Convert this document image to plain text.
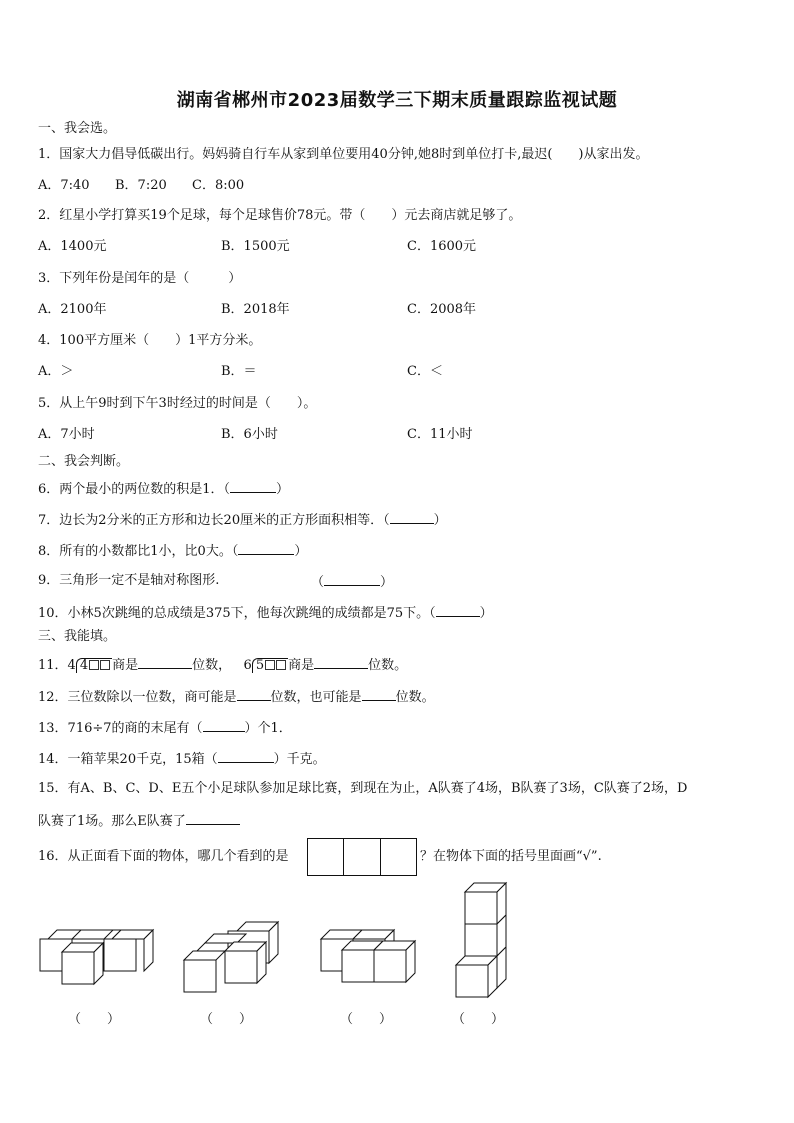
湖南省郴州市2023届数学三下期末质量跟踪监视试题
一、我会选。
1．国家大力倡导低碳出行。妈妈骑自行车从家到单位要用40分钟,她8时到单位打卡,最迟(　　)从家出发。
A．7:40 B．7:20 C．8:00
2．红星小学打算买19个足球，每个足球售价78元。带（　　）元去商店就足够了。
A．1400元	B．1500元	C．1600元
3．下列年份是闰年的是（　　　）
A．2100年	B．2018年	C．2008年
4．100平方厘米（　　）1平方分米。
A．＞	B．＝	C．＜
5．从上午9时到下午3时经过的时间是（　　）。
A．7小时	B．6小时	C．11小时
二、我会判断。
6．两个最小的两位数的积是1．（	）
7．边长为2分米的正方形和边长20厘米的正方形面积相等．（	）
8．所有的小数都比1小，比0大。（	）
9．三角形一定不是轴对称图形.	（	）
10．小林5次跳绳的总成绩是375下，他每次跳绳的成绩都是75下。（	）
三、我能填。
11．4 4 商是	位数， 6 5 商是	位数。
12．三位数除以一位数，商可能是	位数，也可能是	位数。
13．716÷7的商的末尾有（	）个1．
14．一箱苹果20千克，15箱（	）千克。
15．有A、B、C、D、E五个小足球队参加足球比赛，到现在为止，A队赛了4场，B队赛了3场，C队赛了2场，D
队赛了1场。那么E队赛了
16．从正面看下面的物体，哪几个看到的是	？在物体下面的括号里面画“√”.
（　　）	（　　）	（　　）	（　　）
